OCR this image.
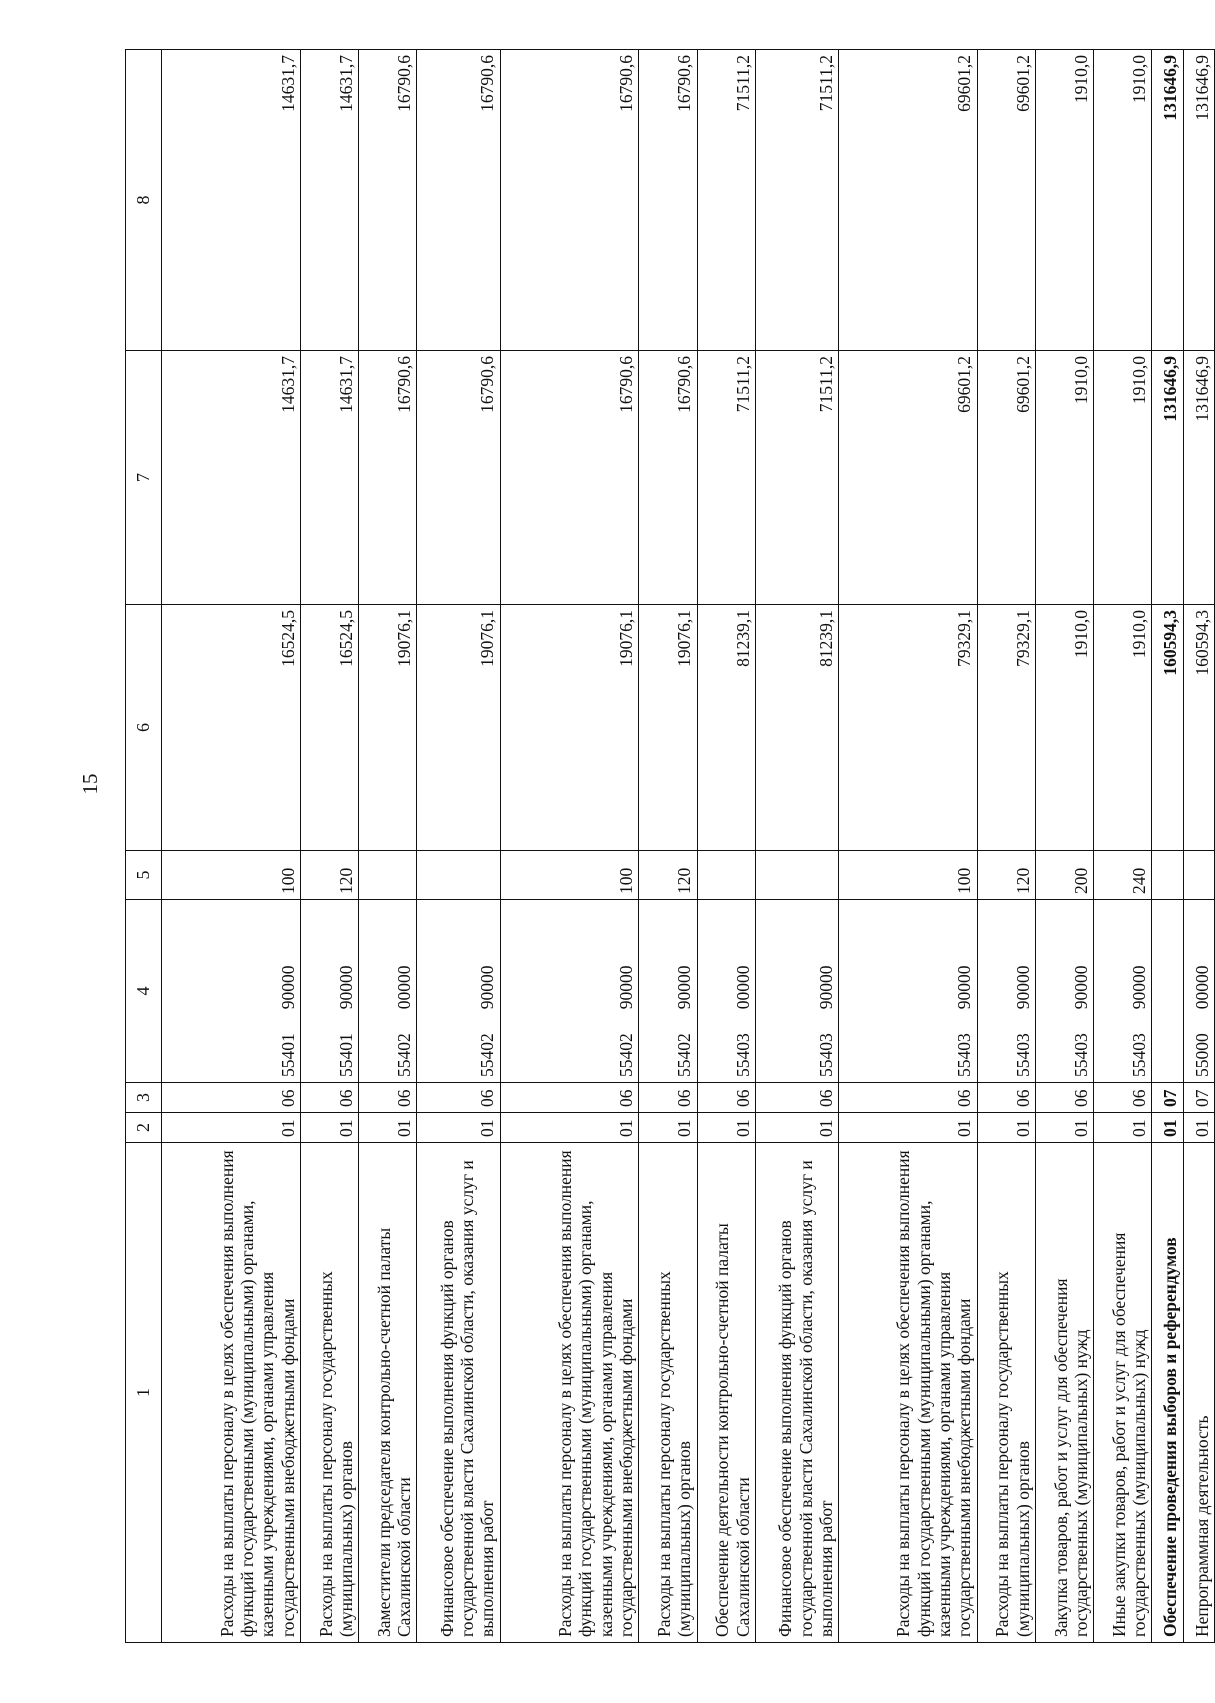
15
1	2	3	4	5	6	7	8
Расходы на выплаты персоналу в целях обеспечения выполнения функций государственными (муниципальными) органами, казенными учреждениями, органами управления государственными внебюджетными фондами	01	06	5540190000	100	16524,5	14631,7	14631,7
Расходы на выплаты персоналу государственных (муниципальных) органов	01	06	5540190000	120	16524,5	14631,7	14631,7
Заместители председателя контрольно-счетной палаты Сахалинской области	01	06	5540200000		19076,1	16790,6	16790,6
Финансовое обеспечение выполнения функций органов государственной власти Сахалинской области, оказания услуг и выполнения работ	01	06	5540290000		19076,1	16790,6	16790,6
Расходы на выплаты персоналу в целях обеспечения выполнения функций государственными (муниципальными) органами, казенными учреждениями, органами управления государственными внебюджетными фондами	01	06	5540290000	100	19076,1	16790,6	16790,6
Расходы на выплаты персоналу государственных (муниципальных) органов	01	06	5540290000	120	19076,1	16790,6	16790,6
Обеспечение деятельности контрольно-счетной палаты Сахалинской области	01	06	5540300000		81239,1	71511,2	71511,2
Финансовое обеспечение выполнения функций органов государственной власти Сахалинской области, оказания услуг и выполнения работ	01	06	5540390000		81239,1	71511,2	71511,2
Расходы на выплаты персоналу в целях обеспечения выполнения функций государственными (муниципальными) органами, казенными учреждениями, органами управления государственными внебюджетными фондами	01	06	5540390000	100	79329,1	69601,2	69601,2
Расходы на выплаты персоналу государственных (муниципальных) органов	01	06	5540390000	120	79329,1	69601,2	69601,2
Закупка товаров, работ и услуг для обеспечения государственных (муниципальных) нужд	01	06	5540390000	200	1910,0	1910,0	1910,0
Иные закупки товаров, работ и услуг для обеспечения государственных (муниципальных) нужд	01	06	5540390000	240	1910,0	1910,0	1910,0
Обеспечение проведения выборов и референдумов	01	07			160594,3	131646,9	131646,9
Непрограммная деятельность	01	07	5500000000		160594,3	131646,9	131646,9
